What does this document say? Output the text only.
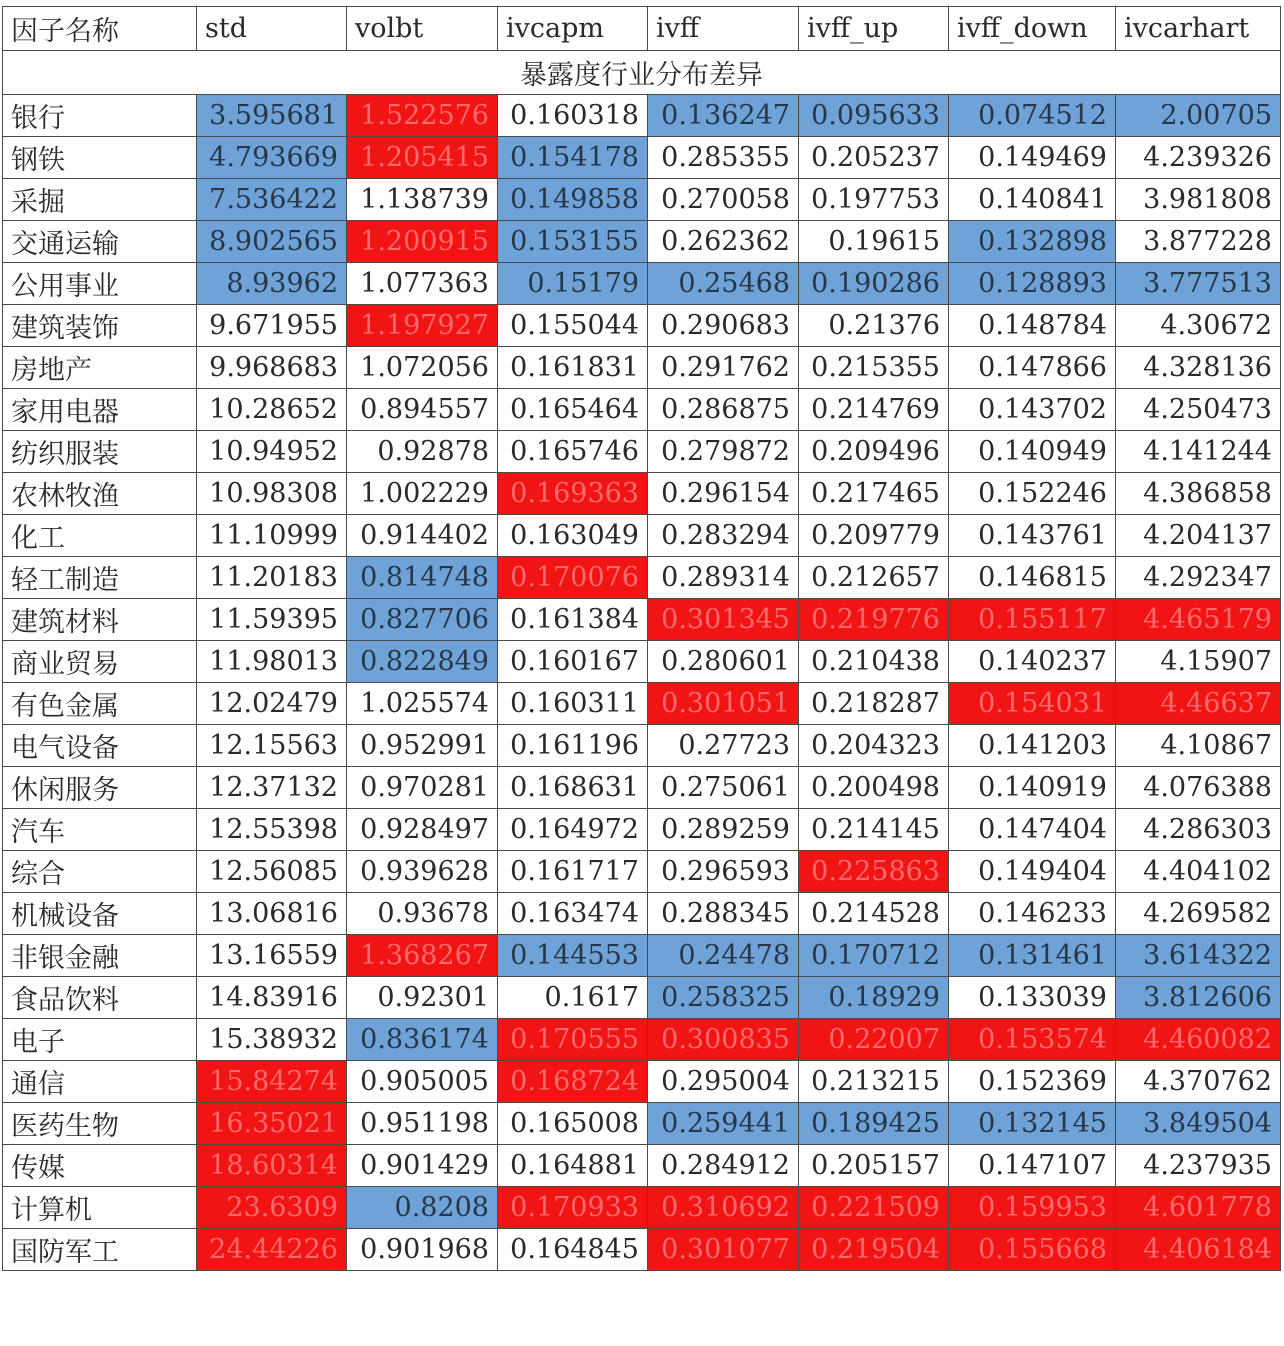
因子名称	std	volbt	ivcapm	ivff	ivff_up	ivff_down	ivcarhart
暴露度行业分布差异							
银行	3.595681	1.522576	0.160318	0.136247	0.095633	0.074512	2.00705
钢铁	4.793669	1.205415	0.154178	0.285355	0.205237	0.149469	4.239326
采掘	7.536422	1.138739	0.149858	0.270058	0.197753	0.140841	3.981808
交通运输	8.902565	1.200915	0.153155	0.262362	0.19615	0.132898	3.877228
公用事业	8.93962	1.077363	0.15179	0.25468	0.190286	0.128893	3.777513
建筑装饰	9.671955	1.197927	0.155044	0.290683	0.21376	0.148784	4.30672
房地产	9.968683	1.072056	0.161831	0.291762	0.215355	0.147866	4.328136
家用电器	10.28652	0.894557	0.165464	0.286875	0.214769	0.143702	4.250473
纺织服装	10.94952	0.92878	0.165746	0.279872	0.209496	0.140949	4.141244
农林牧渔	10.98308	1.002229	0.169363	0.296154	0.217465	0.152246	4.386858
化工	11.10999	0.914402	0.163049	0.283294	0.209779	0.143761	4.204137
轻工制造	11.20183	0.814748	0.170076	0.289314	0.212657	0.146815	4.292347
建筑材料	11.59395	0.827706	0.161384	0.301345	0.219776	0.155117	4.465179
商业贸易	11.98013	0.822849	0.160167	0.280601	0.210438	0.140237	4.15907
有色金属	12.02479	1.025574	0.160311	0.301051	0.218287	0.154031	4.46637
电气设备	12.15563	0.952991	0.161196	0.27723	0.204323	0.141203	4.10867
休闲服务	12.37132	0.970281	0.168631	0.275061	0.200498	0.140919	4.076388
汽车	12.55398	0.928497	0.164972	0.289259	0.214145	0.147404	4.286303
综合	12.56085	0.939628	0.161717	0.296593	0.225863	0.149404	4.404102
机械设备	13.06816	0.93678	0.163474	0.288345	0.214528	0.146233	4.269582
非银金融	13.16559	1.368267	0.144553	0.24478	0.170712	0.131461	3.614322
食品饮料	14.83916	0.92301	0.1617	0.258325	0.18929	0.133039	3.812606
电子	15.38932	0.836174	0.170555	0.300835	0.22007	0.153574	4.460082
通信	15.84274	0.905005	0.168724	0.295004	0.213215	0.152369	4.370762
医药生物	16.35021	0.951198	0.165008	0.259441	0.189425	0.132145	3.849504
传媒	18.60314	0.901429	0.164881	0.284912	0.205157	0.147107	4.237935
计算机	23.6309	0.8208	0.170933	0.310692	0.221509	0.159953	4.601778
国防军工	24.44226	0.901968	0.164845	0.301077	0.219504	0.155668	4.406184
